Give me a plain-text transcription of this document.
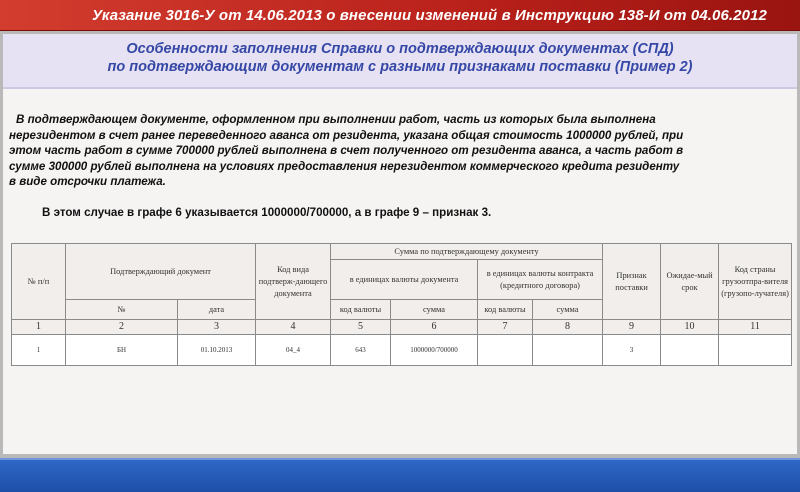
Указание 3016-У от 14.06.2013 о внесении изменений в Инструкцию 138-И от 04.06.2012
Особенности заполнения Справки о подтверждающих документах (СПД)
по подтверждающим документам с разными признаками поставки (Пример 2)
В подтверждающем документе, оформленном при выполнении работ, часть из которых была выполнена
нерезидентом в счет ранее переведенного аванса от резидента, указана общая стоимость 1000000 рублей, при
этом часть работ в сумме 700000 рублей выполнена в счет полученного от резидента аванса, а часть работ в
сумме 300000 рублей выполнена на условиях предоставления нерезидентом коммерческого кредита резиденту
в виде отсрочки платежа.
В этом случае в графе 6 указывается 1000000/700000, а в графе 9 – признак 3.
№ п/п	Подтверждающий документ		Код вида подтверж-дающего документа	Сумма по подтверждающему документу				Признак поставки	Ожидае-мый срок	Код страны грузоотпра-вителя (грузопо-лучателя)
				в единицах валюты документа		в единицах валюты контракта (кредитного договора)				
	№	дата		код валюты	сумма	код валюты	сумма			
1	2	3	4	5	6	7	8	9	10	11
1	БН	01.10.2013	04_4	643	1000000/700000			3		
